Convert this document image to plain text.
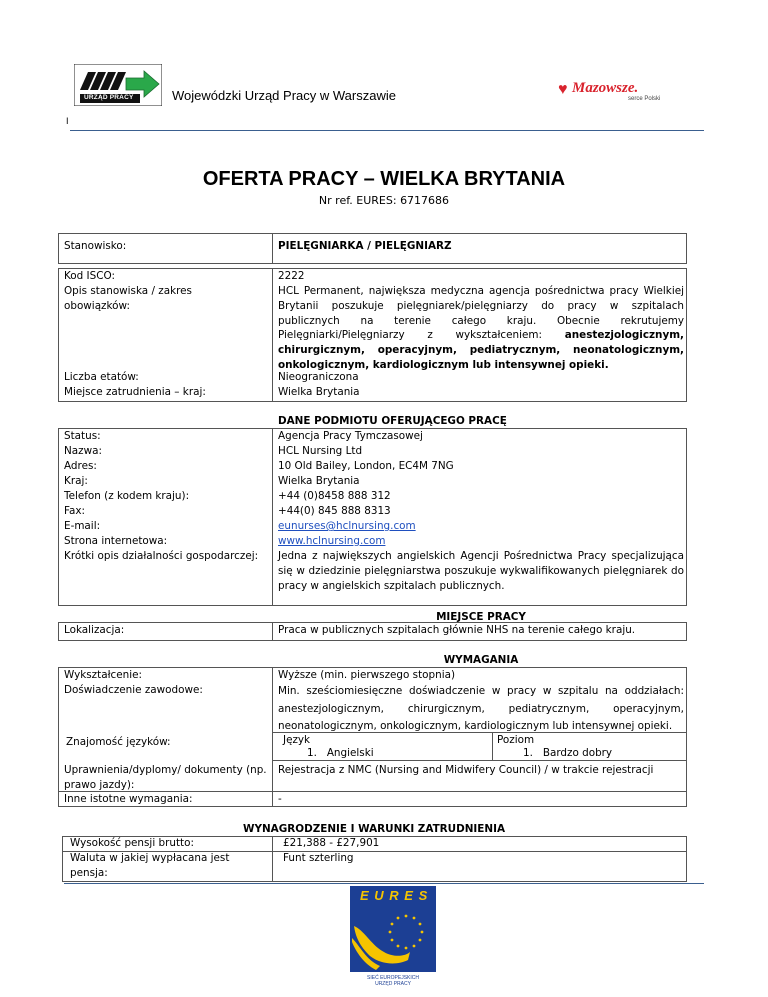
URZĄD PRACY	Wojewódzki Urząd Pracy w Warszawie	♥ Mazowsze.
serce Polski
I
OFERTA PRACY – WIELKA BRYTANIA
Nr ref. EURES: 6717686
Stanowisko:	PIELĘGNIARKA / PIELĘGNIARZ
Kod ISCO:	2222
Opis stanowiska / zakres obowiązków:
HCL Permanent, największa medyczna agencja pośrednictwa pracy Wielkiej Brytanii poszukuje pielęgniarek/pielęgniarzy do pracy w szpitalach publicznych na terenie całego kraju. Obecnie rekrutujemy Pielęgniarki/Pielęgniarzy z wykształceniem: anestezjologicznym, chirurgicznym, operacyjnym, pediatrycznym, neonatologicznym, onkologicznym, kardiologicznym lub intensywnej opieki.
Liczba etatów:	Nieograniczona
Miejsce zatrudnienia – kraj:	Wielka Brytania
DANE PODMIOTU OFERUJĄCEGO PRACĘ
Status:	Agencja Pracy Tymczasowej
Nazwa:	HCL Nursing Ltd
Adres:	10 Old Bailey, London, EC4M 7NG
Kraj:	Wielka Brytania
Telefon (z kodem kraju):	+44 (0)8458 888 312
Fax:	+44(0) 845 888 8313
E-mail:	eunurses@hclnursing.com
Strona internetowa:	www.hclnursing.com
Krótki opis działalności gospodarczej:	Jedna z największych angielskich Agencji Pośrednictwa Pracy specjalizująca się w dziedzinie pielęgniarstwa poszukuje wykwalifikowanych pielęgniarek do pracy w angielskich szpitalach publicznych.
MIEJSCE PRACY
Lokalizacja:	Praca w publicznych szpitalach głównie NHS na terenie całego kraju.
WYMAGANIA
Wykształcenie:	Wyższe (min. pierwszego stopnia)
Doświadczenie zawodowe:	Min. sześciomiesięczne doświadczenie w pracy w szpitalu na oddziałach: anestezjologicznym, chirurgicznym, pediatrycznym, operacyjnym, neonatologicznym, onkologicznym, kardiologicznym lub intensywnej opieki.
Znajomość języków:	Język	Poziom
1.   Angielski	1.   Bardzo dobry
Uprawnienia/dyplomy/ dokumenty (np. prawo jazdy):
Rejestracja z NMC (Nursing and Midwifery Council) / w trakcie rejestracji
Inne istotne wymagania:	-
WYNAGRODZENIE I WARUNKI ZATRUDNIENIA
Wysokość pensji brutto:	£21,388 - £27,901
Waluta w jakiej wypłacana jest pensja:
Funt szterling
E U R E S
SIEĆ EUROPEJSKICH
URZĘD PRACY
